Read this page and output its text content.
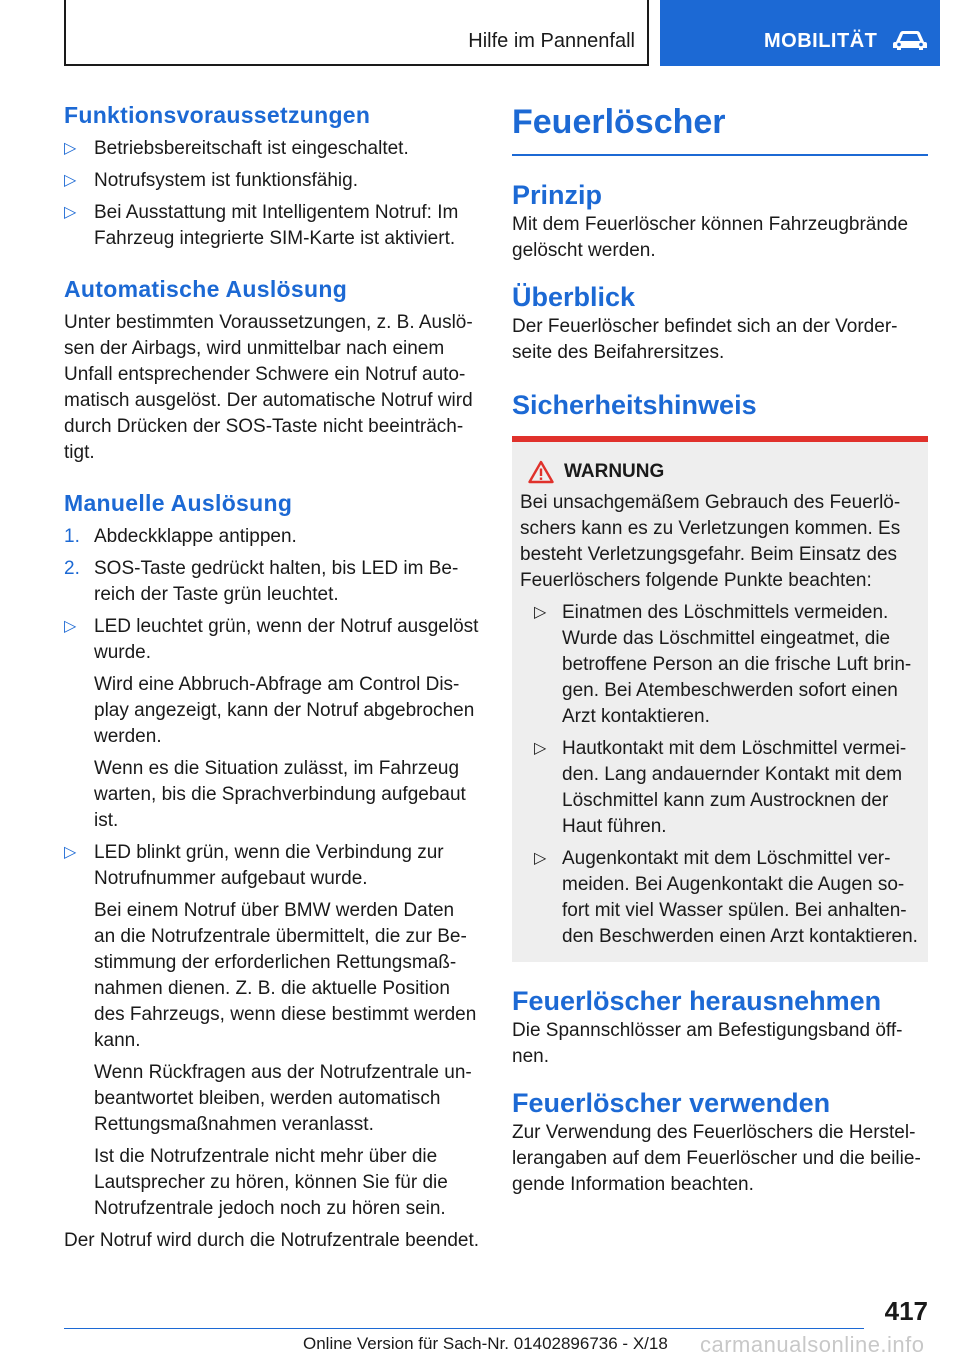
Hilfe im Pannenfall	MOBILITÄT
Funktionsvoraussetzungen
▷ Betriebsbereitschaft ist eingeschaltet.
▷ Notrufsystem ist funktionsfähig.
▷ Bei Ausstattung mit Intelligentem Notruf: Im Fahrzeug integrierte SIM-Karte ist aktiviert.
Automatische Auslösung
Unter bestimmten Voraussetzungen, z. B. Auslösen der Airbags, wird unmittelbar nach einem Unfall entsprechender Schwere ein Notruf automatisch ausgelöst. Der automatische Notruf wird durch Drücken der SOS-Taste nicht beeinträchtigt.
Manuelle Auslösung
1. Abdeckklappe antippen.
2. SOS-Taste gedrückt halten, bis LED im Bereich der Taste grün leuchtet.
▷ LED leuchtet grün, wenn der Notruf ausgelöst wurde.
Wird eine Abbruch-Abfrage am Control Display angezeigt, kann der Notruf abgebrochen werden.
Wenn es die Situation zulässt, im Fahrzeug warten, bis die Sprachverbindung aufgebaut ist.
▷ LED blinkt grün, wenn die Verbindung zur Notrufnummer aufgebaut wurde.
Bei einem Notruf über BMW werden Daten an die Notrufzentrale übermittelt, die zur Bestimmung der erforderlichen Rettungsmaßnahmen dienen. Z. B. die aktuelle Position des Fahrzeugs, wenn diese bestimmt werden kann.
Wenn Rückfragen aus der Notrufzentrale unbeantwortet bleiben, werden automatisch Rettungsmaßnahmen veranlasst.
Ist die Notrufzentrale nicht mehr über die Lautsprecher zu hören, können Sie für die Notrufzentrale jedoch noch zu hören sein.
Der Notruf wird durch die Notrufzentrale beendet.
Feuerlöscher
Prinzip
Mit dem Feuerlöscher können Fahrzeugbrände gelöscht werden.
Überblick
Der Feuerlöscher befindet sich an der Vorderseite des Beifahrersitzes.
Sicherheitshinweis
WARNUNG
Bei unsachgemäßem Gebrauch des Feuerlöschers kann es zu Verletzungen kommen. Es besteht Verletzungsgefahr. Beim Einsatz des Feuerlöschers folgende Punkte beachten:
▷ Einatmen des Löschmittels vermeiden. Wurde das Löschmittel eingeatmet, die betroffene Person an die frische Luft bringen. Bei Atembeschwerden sofort einen Arzt kontaktieren.
▷ Hautkontakt mit dem Löschmittel vermeiden. Lang andauernder Kontakt mit dem Löschmittel kann zum Austrocknen der Haut führen.
▷ Augenkontakt mit dem Löschmittel vermeiden. Bei Augenkontakt die Augen sofort mit viel Wasser spülen. Bei anhaltenden Beschwerden einen Arzt kontaktieren.
Feuerlöscher herausnehmen
Die Spannschlösser am Befestigungsband öffnen.
Feuerlöscher verwenden
Zur Verwendung des Feuerlöschers die Herstellerangaben auf dem Feuerlöscher und die beiliegende Information beachten.
417
Online Version für Sach-Nr. 01402896736 - X/18 carmanualsonline.info
